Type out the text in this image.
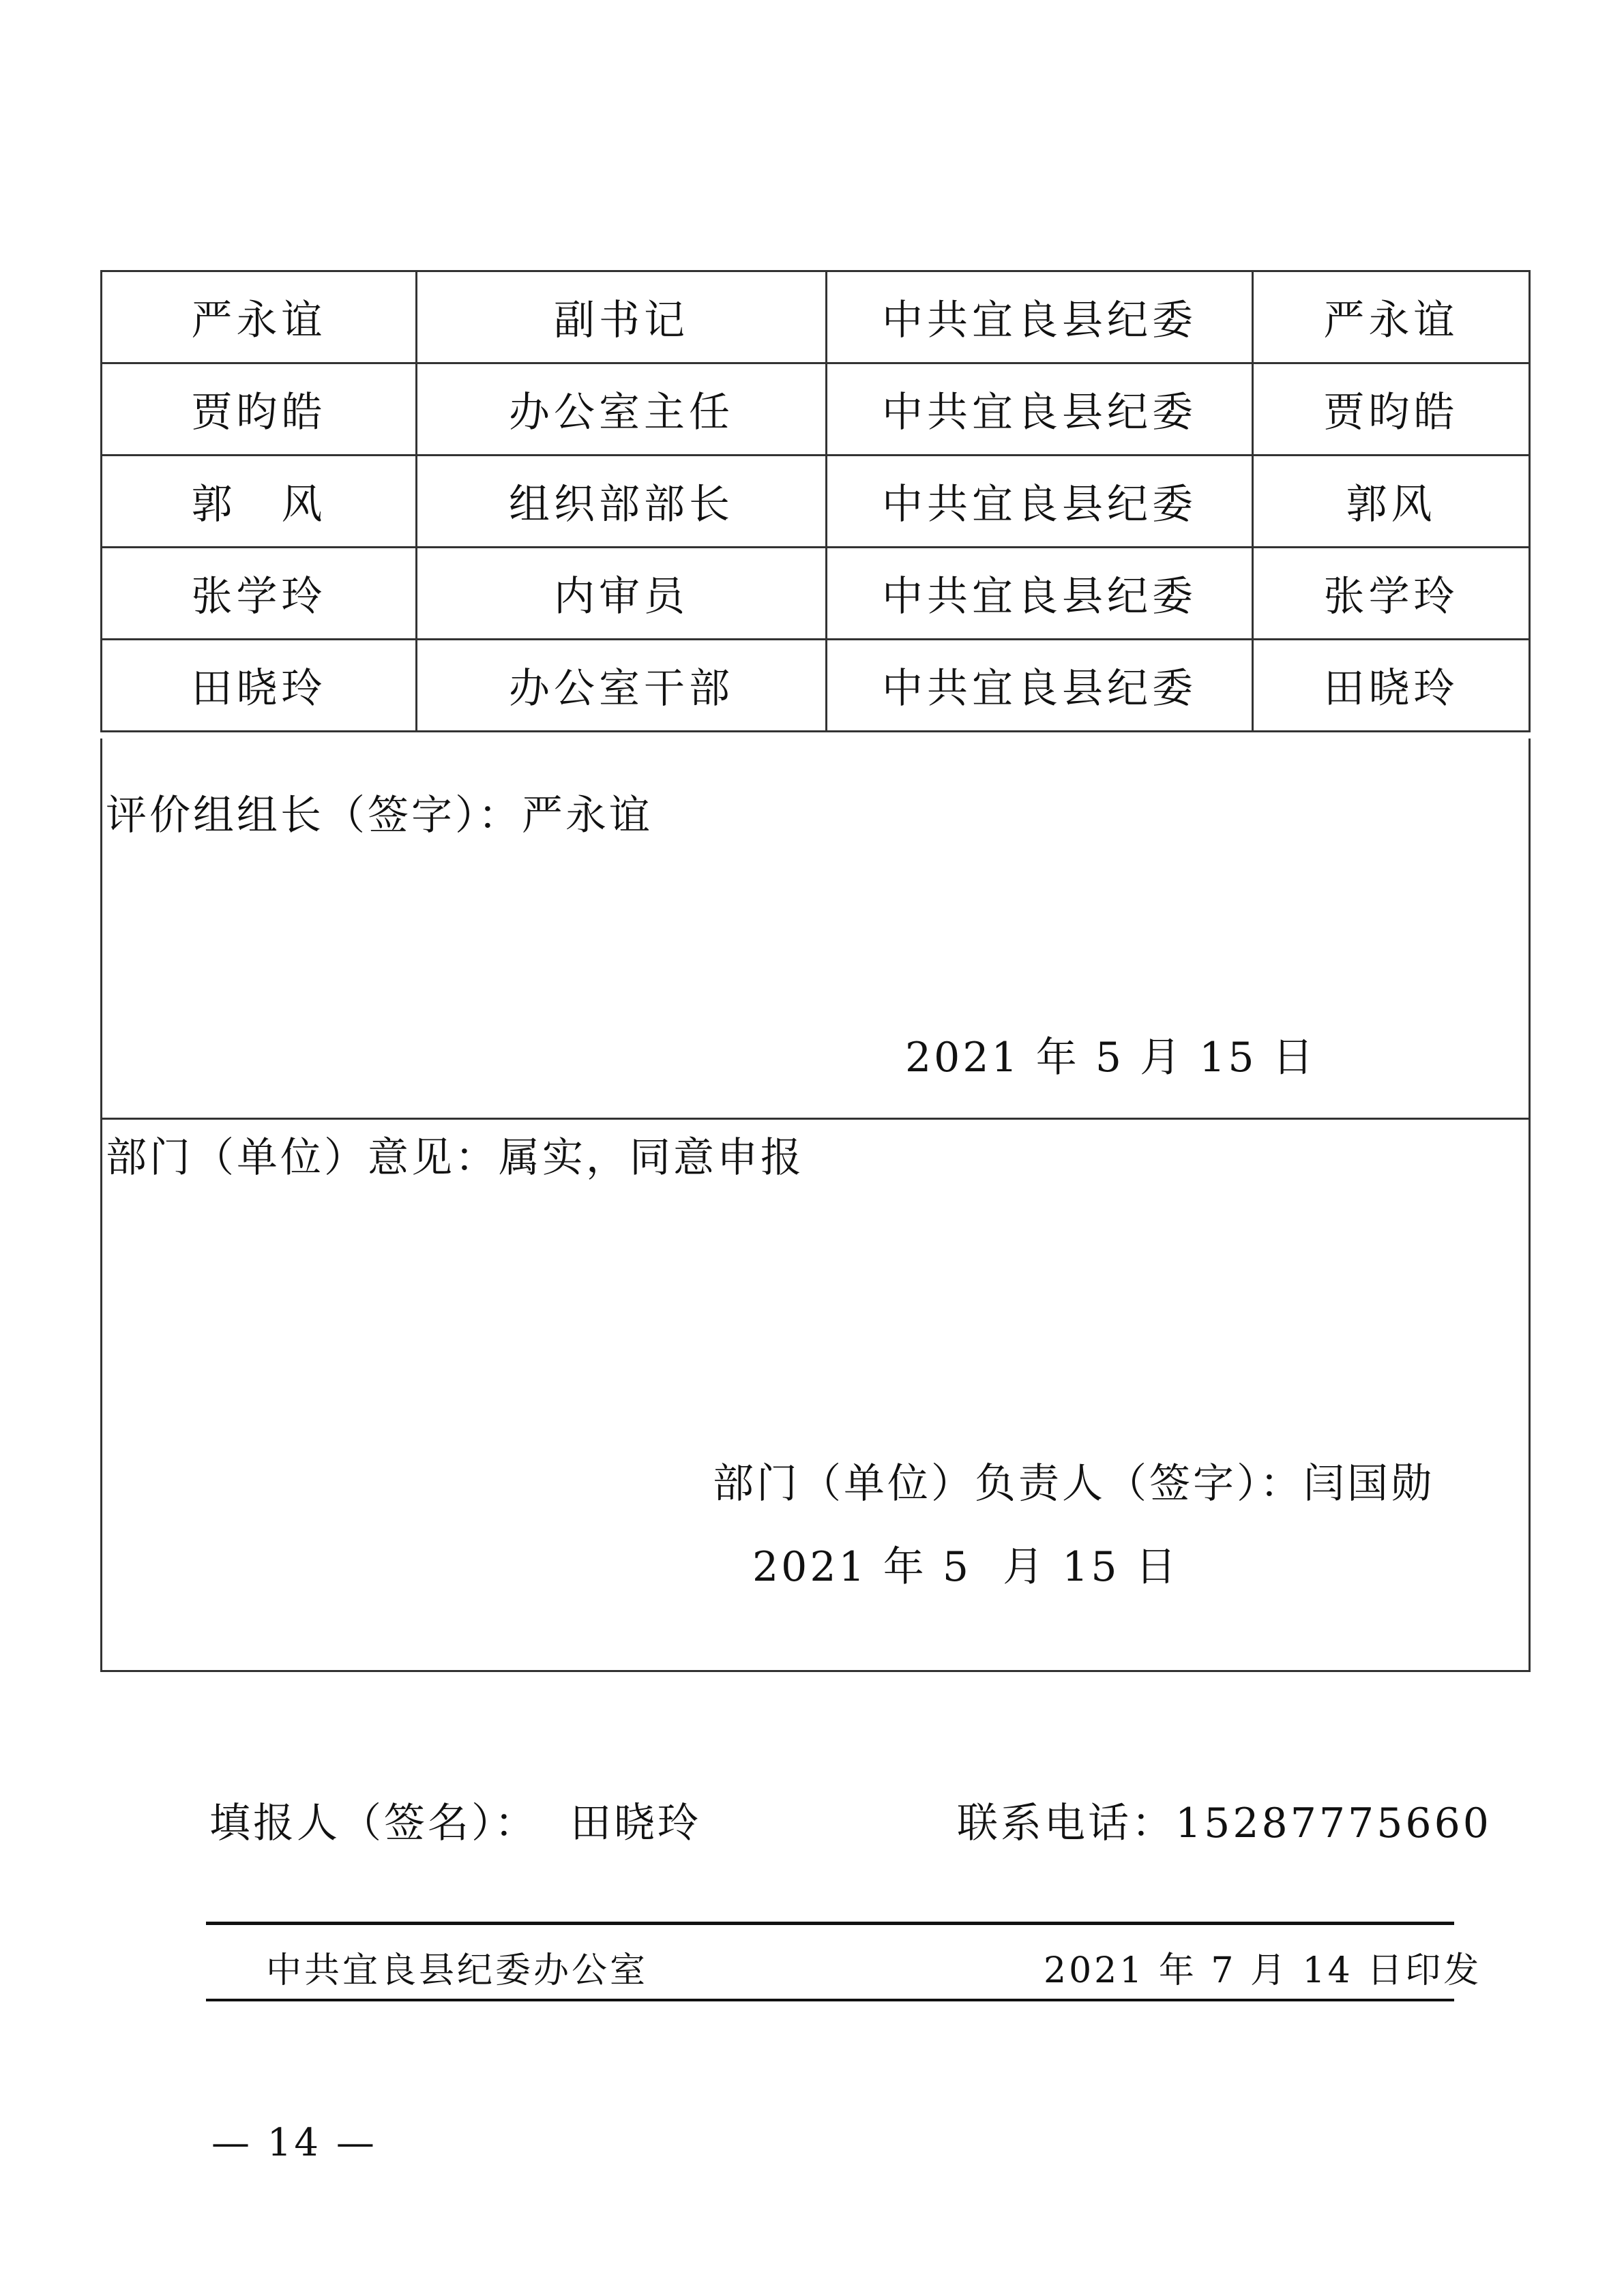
严永谊	副书记	中共宜良县纪委	严永谊
贾昀皓	办公室主任	中共宜良县纪委	贾昀皓
郭　风	组织部部长	中共宜良县纪委	郭风
张学玲	内审员	中共宜良县纪委	张学玲
田晓玲	办公室干部	中共宜良县纪委	田晓玲
评价组组长（签字）：严永谊
2021 年 5 月 15 日
部门（单位）意见：属实，同意申报
部门（单位）负责人（签字）：闫国勋
2021 年 5  月 15 日
填报人（签名）： 田晓玲	联系电话：15287775660
中共宜良县纪委办公室	2021 年 7 月 14 日印发
— 14 —
